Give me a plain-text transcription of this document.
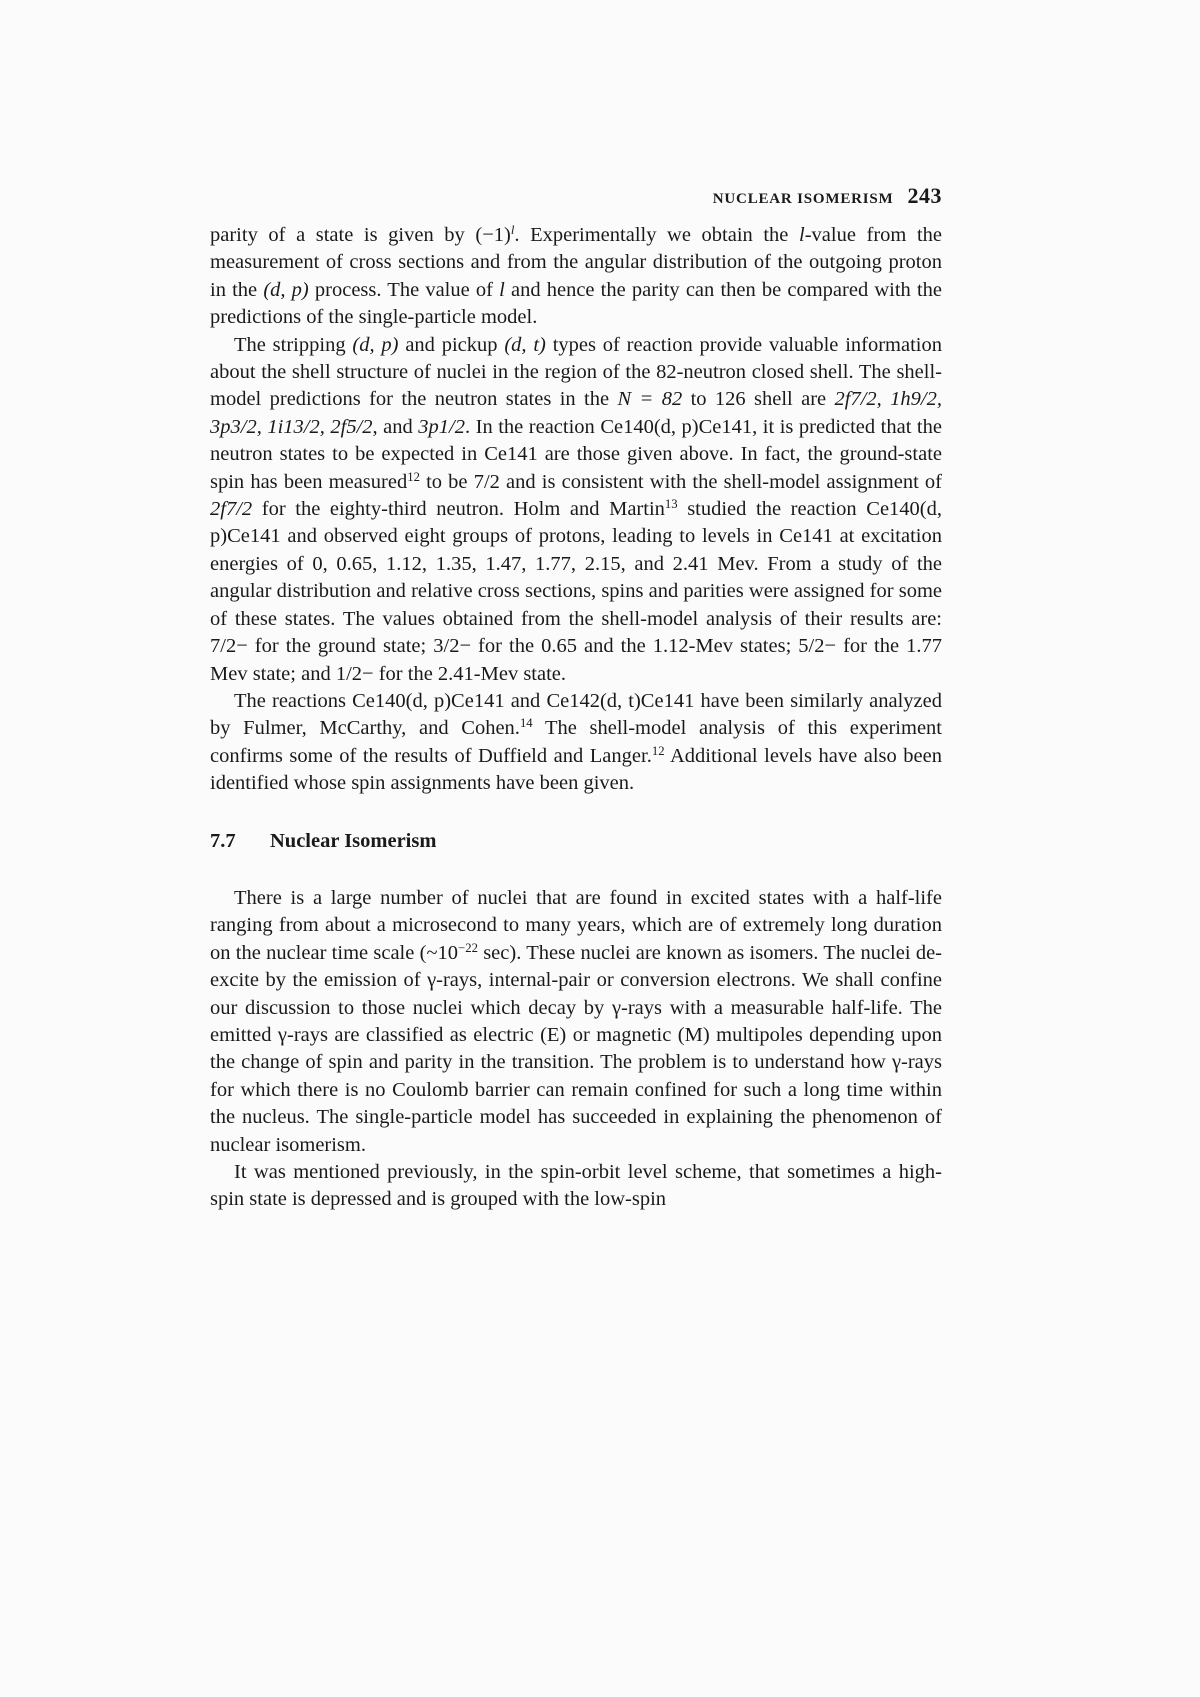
NUCLEAR ISOMERISM 243

parity of a state is given by $(-1)^l$. Experimentally we obtain the l-value from the measurement of cross sections and from the angular distribution of the outgoing proton in the (d, p) process. The value of l and hence the parity can then be compared with the predictions of the single-particle model.

The stripping (d, p) and pickup (d, t) types of reaction provide valuable information about the shell structure of nuclei in the region of the 82-neutron closed shell. The shell-model predictions for the neutron states in the N = 82 to 126 shell are 2f7/2, 1h9/2, 3p3/2, 1i13/2, 2f5/2, and 3p1/2. In the reaction Ce140(d, p)Ce141, it is predicted that the neutron states to be expected in Ce141 are those given above. In fact, the ground-state spin has been measured$^{12}$ to be 7/2 and is consistent with the shell-model assignment of 2f7/2 for the eighty-third neutron. Holm and Martin$^{13}$ studied the reaction Ce140(d, p)Ce141 and observed eight groups of protons, leading to levels in Ce141 at excitation energies of 0, 0.65, 1.12, 1.35, 1.47, 1.77, 2.15, and 2.41 Mev. From a study of the angular distribution and relative cross sections, spins and parities were assigned for some of these states. The values obtained from the shell-model analysis of their results are: 7/2− for the ground state; 3/2− for the 0.65 and the 1.12-Mev states; 5/2− for the 1.77 Mev state; and 1/2− for the 2.41-Mev state.

The reactions Ce140(d, p)Ce141 and Ce142(d, t)Ce141 have been similarly analyzed by Fulmer, McCarthy, and Cohen.$^{14}$ The shell-model analysis of this experiment confirms some of the results of Duffield and Langer.$^{12}$ Additional levels have also been identified whose spin assignments have been given.

7.7 Nuclear Isomerism

There is a large number of nuclei that are found in excited states with a half-life ranging from about a microsecond to many years, which are of extremely long duration on the nuclear time scale ($\sim 10^{-22}$ sec). These nuclei are known as isomers. The nuclei de-excite by the emission of γ-rays, internal-pair or conversion electrons. We shall confine our discussion to those nuclei which decay by γ-rays with a measurable half-life. The emitted γ-rays are classified as electric (E) or magnetic (M) multipoles depending upon the change of spin and parity in the transition. The problem is to understand how γ-rays for which there is no Coulomb barrier can remain confined for such a long time within the nucleus. The single-particle model has succeeded in explaining the phenomenon of nuclear isomerism.

It was mentioned previously, in the spin-orbit level scheme, that sometimes a high-spin state is depressed and is grouped with the low-spin
